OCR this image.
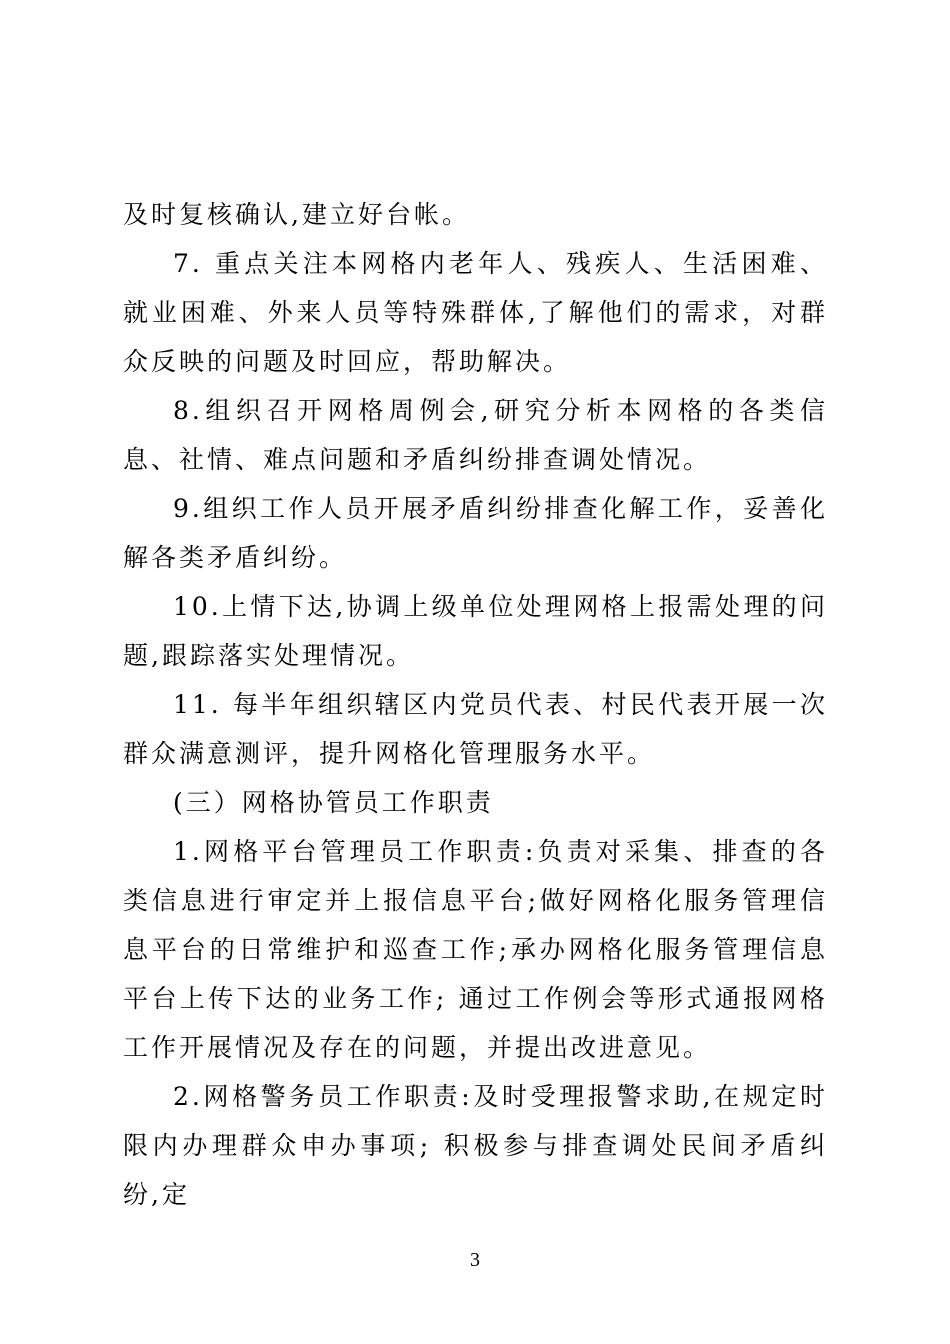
及时复核确认,建立好台帐。

7. 重点关注本网格内老年人、残疾人、生活困难、就业困难、外来人员等特殊群体,了解他们的需求，对群众反映的问题及时回应，帮助解决。

8.组织召开网格周例会,研究分析本网格的各类信息、社情、难点问题和矛盾纠纷排查调处情况。

9.组织工作人员开展矛盾纠纷排查化解工作，妥善化解各类矛盾纠纷。

10.上情下达,协调上级单位处理网格上报需处理的问题,跟踪落实处理情况。

11. 每半年组织辖区内党员代表、村民代表开展一次群众满意测评，提升网格化管理服务水平。

(三）网格协管员工作职责

1.网格平台管理员工作职责:负责对采集、排查的各类信息进行审定并上报信息平台;做好网格化服务管理信息平台的日常维护和巡查工作;承办网格化服务管理信息平台上传下达的业务工作; 通过工作例会等形式通报网格工作开展情况及存在的问题，并提出改进意见。

2.网格警务员工作职责:及时受理报警求助,在规定时限内办理群众申办事项; 积极参与排查调处民间矛盾纠纷,定

3
